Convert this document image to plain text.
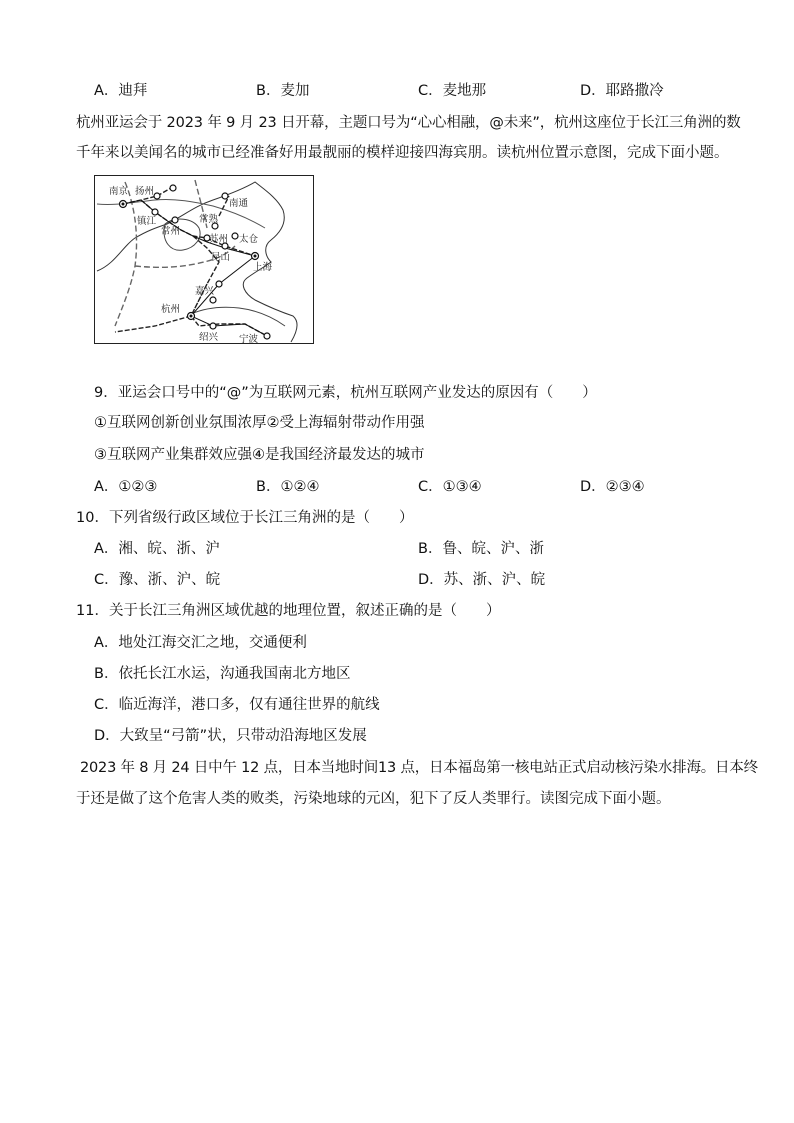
A．迪拜	B．麦加	C．麦地那	D．耶路撒冷
杭州亚运会于 2023 年 9 月 23 日开幕，主题口号为“心心相融，@未来”，杭州这座位于长江三角洲的数
千年来以美闻名的城市已经准备好用最靓丽的模样迎接四海宾朋。读杭州位置示意图，完成下面小题。
南京 扬州
镇江
南通
常州
常熟
苏州 太仓
昆山
上海
嘉兴
杭州
绍兴 宁波
9．亚运会口号中的“@”为互联网元素，杭州互联网产业发达的原因有（　　）
①互联网创新创业氛围浓厚②受上海辐射带动作用强
③互联网产业集群效应强④是我国经济最发达的城市
A．①②③	B．①②④	C．①③④	D．②③④
10．下列省级行政区域位于长江三角洲的是（　　）
A．湘、皖、浙、沪	B．鲁、皖、沪、浙
C．豫、浙、沪、皖	D．苏、浙、沪、皖
11．关于长江三角洲区域优越的地理位置，叙述正确的是（　　）
A．地处江海交汇之地，交通便利
B．依托长江水运，沟通我国南北方地区
C．临近海洋，港口多，仅有通往世界的航线
D．大致呈“弓箭”状，只带动沿海地区发展
2023 年 8 月 24 日中午 12 点，日本当地时间13 点，日本福岛第一核电站正式启动核污染水排海。日本终
于还是做了这个危害人类的败类，污染地球的元凶，犯下了反人类罪行。读图完成下面小题。
